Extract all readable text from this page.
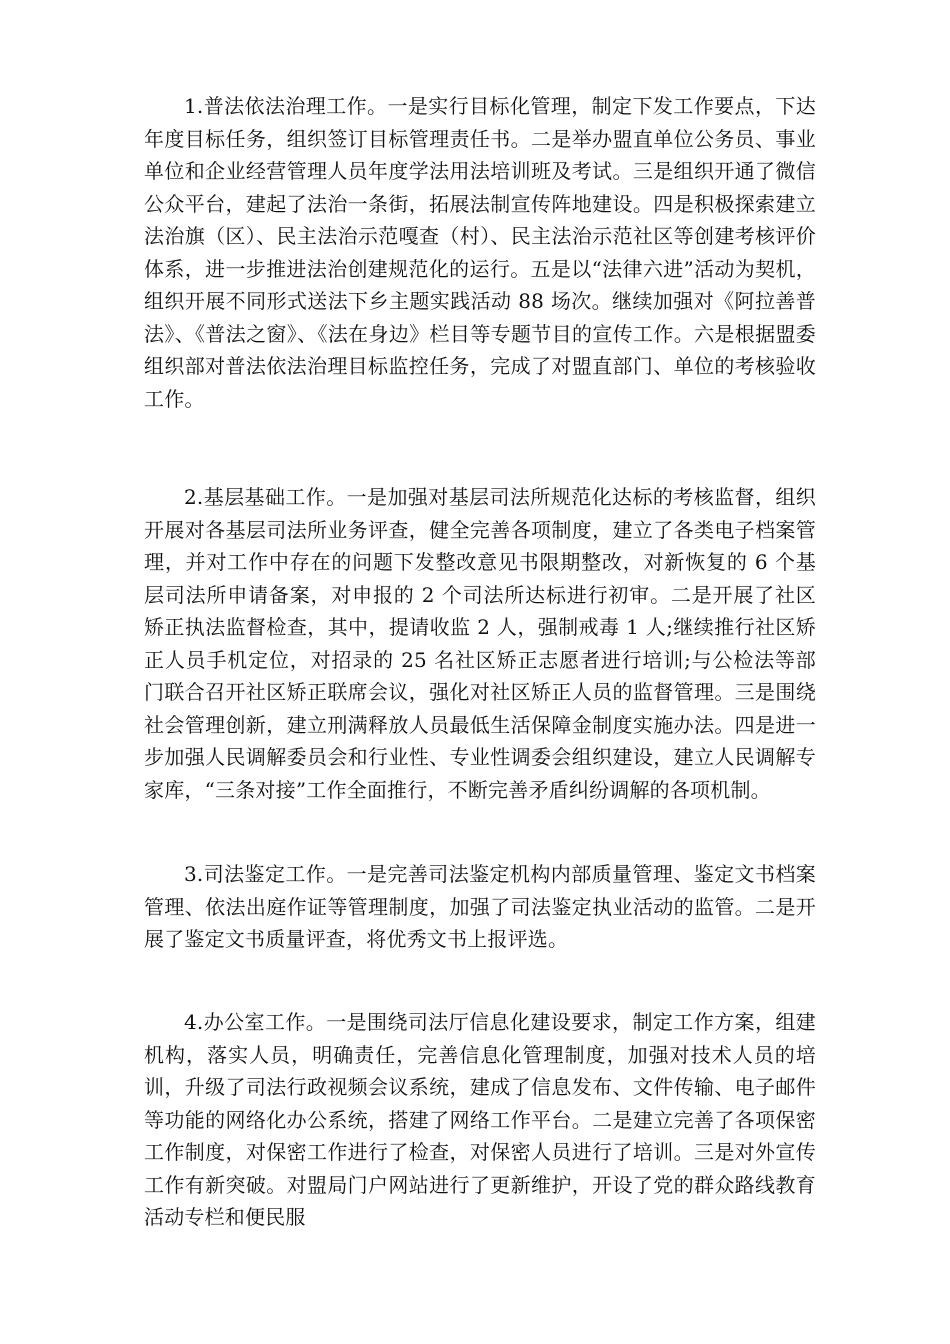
1.普法依法治理工作。一是实行目标化管理，制定下发工作要点，下达年度目标任务，组织签订目标管理责任书。二是举办盟直单位公务员、事业单位和企业经营管理人员年度学法用法培训班及考试。三是组织开通了微信公众平台，建起了法治一条街，拓展法制宣传阵地建设。四是积极探索建立法治旗（区）、民主法治示范嘎查（村）、民主法治示范社区等创建考核评价体系，进一步推进法治创建规范化的运行。五是以“法律六进”活动为契机，组织开展不同形式送法下乡主题实践活动 88 场次。继续加强对《阿拉善普法》、《普法之窗》、《法在身边》栏目等专题节目的宣传工作。六是根据盟委组织部对普法依法治理目标监控任务，完成了对盟直部门、单位的考核验收工作。

2.基层基础工作。一是加强对基层司法所规范化达标的考核监督，组织开展对各基层司法所业务评查，健全完善各项制度，建立了各类电子档案管理，并对工作中存在的问题下发整改意见书限期整改，对新恢复的 6 个基层司法所申请备案，对申报的 2 个司法所达标进行初审。二是开展了社区矫正执法监督检查，其中，提请收监 2 人，强制戒毒 1 人;继续推行社区矫正人员手机定位，对招录的 25 名社区矫正志愿者进行培训;与公检法等部门联合召开社区矫正联席会议，强化对社区矫正人员的监督管理。三是围绕社会管理创新，建立刑满释放人员最低生活保障金制度实施办法。四是进一步加强人民调解委员会和行业性、专业性调委会组织建设，建立人民调解专家库，“三条对接”工作全面推行，不断完善矛盾纠纷调解的各项机制。

3.司法鉴定工作。一是完善司法鉴定机构内部质量管理、鉴定文书档案管理、依法出庭作证等管理制度，加强了司法鉴定执业活动的监管。二是开展了鉴定文书质量评查，将优秀文书上报评选。

4.办公室工作。一是围绕司法厅信息化建设要求，制定工作方案，组建机构，落实人员，明确责任，完善信息化管理制度，加强对技术人员的培训，升级了司法行政视频会议系统，建成了信息发布、文件传输、电子邮件等功能的网络化办公系统，搭建了网络工作平台。二是建立完善了各项保密工作制度，对保密工作进行了检查，对保密人员进行了培训。三是对外宣传工作有新突破。对盟局门户网站进行了更新维护，开设了党的群众路线教育活动专栏和便民服
